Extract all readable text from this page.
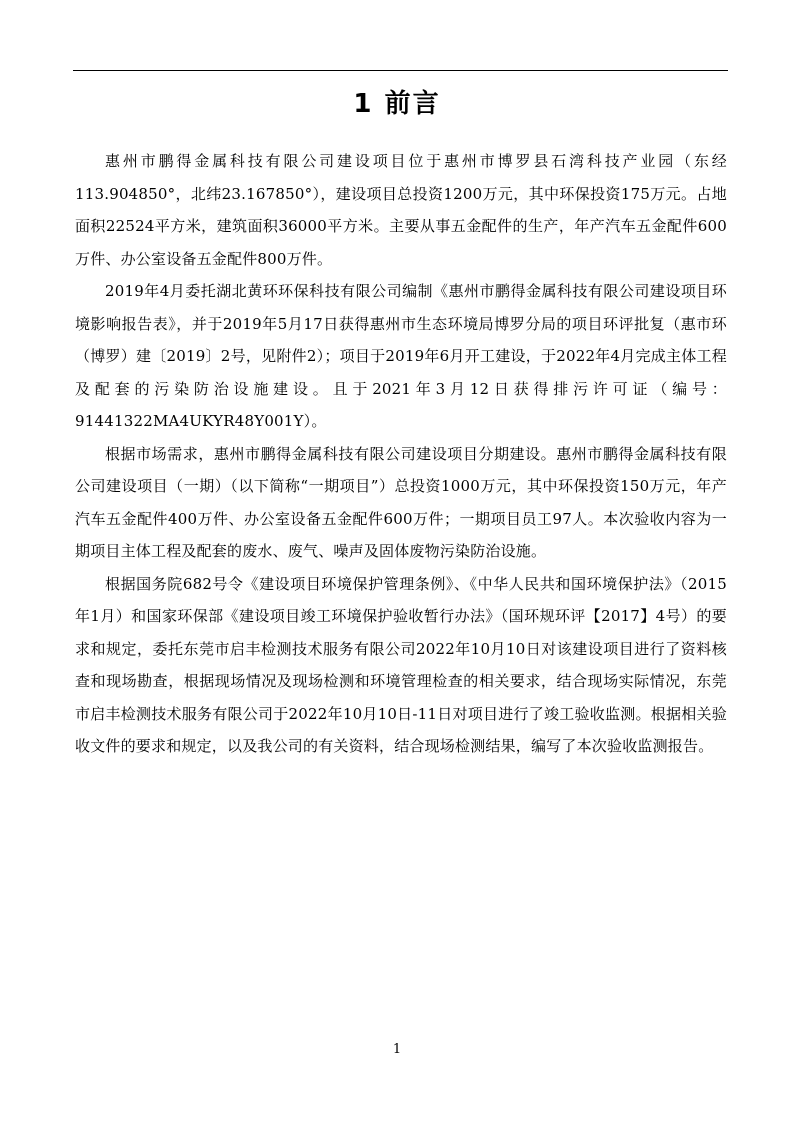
1 前言

惠州市鹏得金属科技有限公司建设项目位于惠州市博罗县石湾科技产业园（东经113.904850°，北纬23.167850°），建设项目总投资1200万元，其中环保投资175万元。占地面积22524平方米，建筑面积36000平方米。主要从事五金配件的生产，年产汽车五金配件600万件、办公室设备五金配件800万件。

2019年4月委托湖北黄环环保科技有限公司编制《惠州市鹏得金属科技有限公司建设项目环境影响报告表》，并于2019年5月17日获得惠州市生态环境局博罗分局的项目环评批复（惠市环（博罗）建〔2019〕2号，见附件2）；项目于2019年6月开工建设，于2022年4月完成主体工程及配套的污染防治设施建设。且于2021年3月12日获得排污许可证（编号：91441322MA4UKYR48Y001Y）。

根据市场需求，惠州市鹏得金属科技有限公司建设项目分期建设。惠州市鹏得金属科技有限公司建设项目（一期）（以下简称“一期项目”）总投资1000万元，其中环保投资150万元，年产汽车五金配件400万件、办公室设备五金配件600万件；一期项目员工97人。本次验收内容为一期项目主体工程及配套的废水、废气、噪声及固体废物污染防治设施。

根据国务院682号令《建设项目环境保护管理条例》、《中华人民共和国环境保护法》（2015年1月）和国家环保部《建设项目竣工环境保护验收暂行办法》（国环规环评【2017】4号）的要求和规定，委托东莞市启丰检测技术服务有限公司2022年10月10日对该建设项目进行了资料核查和现场勘查，根据现场情况及现场检测和环境管理检查的相关要求，结合现场实际情况，东莞市启丰检测技术服务有限公司于2022年10月10日-11日对项目进行了竣工验收监测。根据相关验收文件的要求和规定，以及我公司的有关资料，结合现场检测结果，编写了本次验收监测报告。

1
